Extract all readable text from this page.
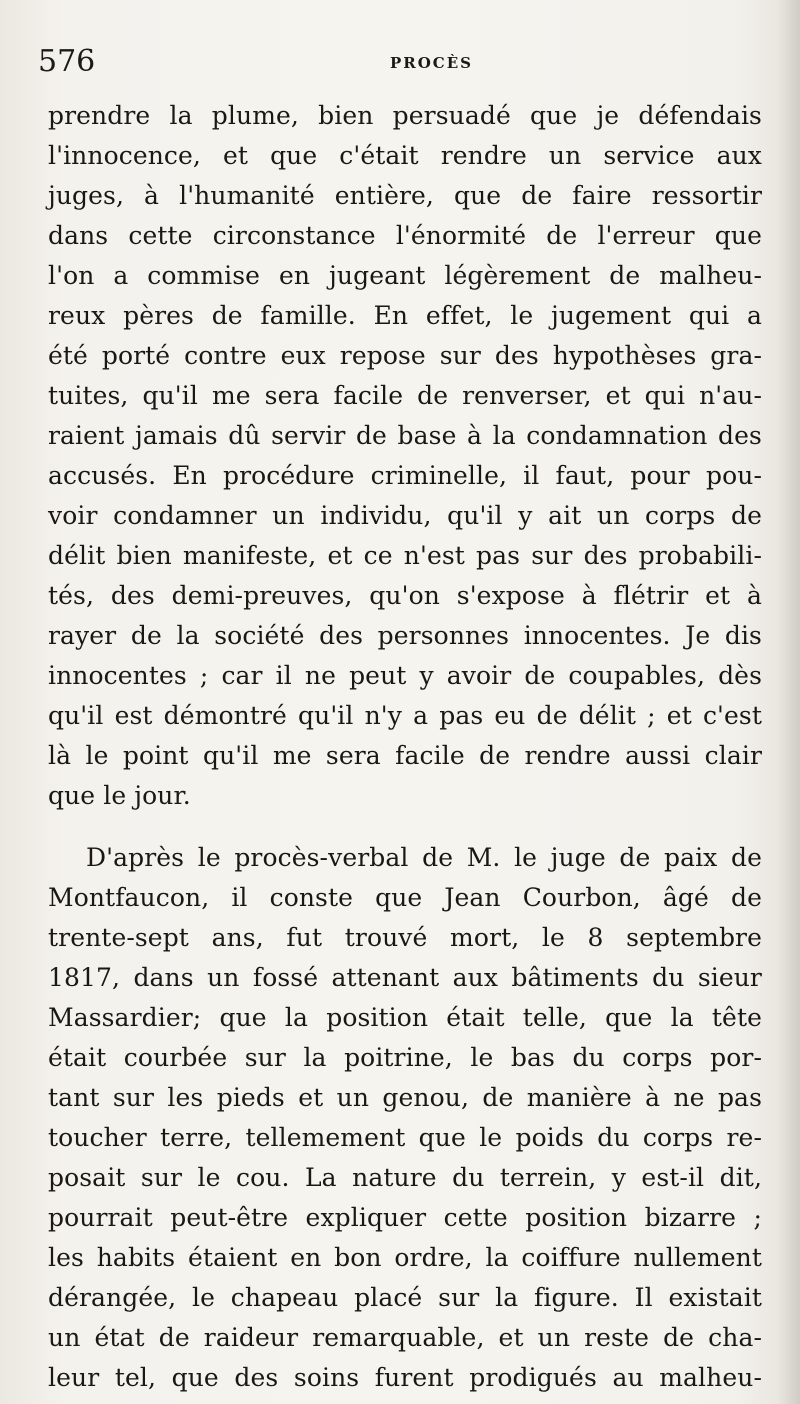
576	PROCÈS
prendre la plume, bien persuadé que je défendais
l'innocence, et que c'était rendre un service aux
juges, à l'humanité entière, que de faire ressortir
dans cette circonstance l'énormité de l'erreur que
l'on a commise en jugeant légèrement de malheu-
reux pères de famille. En effet, le jugement qui a
été porté contre eux repose sur des hypothèses gra-
tuites, qu'il me sera facile de renverser, et qui n'au-
raient jamais dû servir de base à la condamnation des
accusés. En procédure criminelle, il faut, pour pou-
voir condamner un individu, qu'il y ait un corps de
délit bien manifeste, et ce n'est pas sur des probabili-
tés, des demi-preuves, qu'on s'expose à flétrir et à
rayer de la société des personnes innocentes. Je dis
innocentes ; car il ne peut y avoir de coupables, dès
qu'il est démontré qu'il n'y a pas eu de délit ; et c'est
là le point qu'il me sera facile de rendre aussi clair
que le jour.
D'après le procès-verbal de M. le juge de paix de
Montfaucon, il conste que Jean Courbon, âgé de
trente-sept ans, fut trouvé mort, le 8 septembre
1817, dans un fossé attenant aux bâtiments du sieur
Massardier; que la position était telle, que la tête
était courbée sur la poitrine, le bas du corps por-
tant sur les pieds et un genou, de manière à ne pas
toucher terre, tellemement que le poids du corps re-
posait sur le cou. La nature du terrein, y est-il dit,
pourrait peut-être expliquer cette position bizarre ;
les habits étaient en bon ordre, la coiffure nullement
dérangée, le chapeau placé sur la figure. Il existait
un état de raideur remarquable, et un reste de cha-
leur tel, que des soins furent prodigués au malheu-
